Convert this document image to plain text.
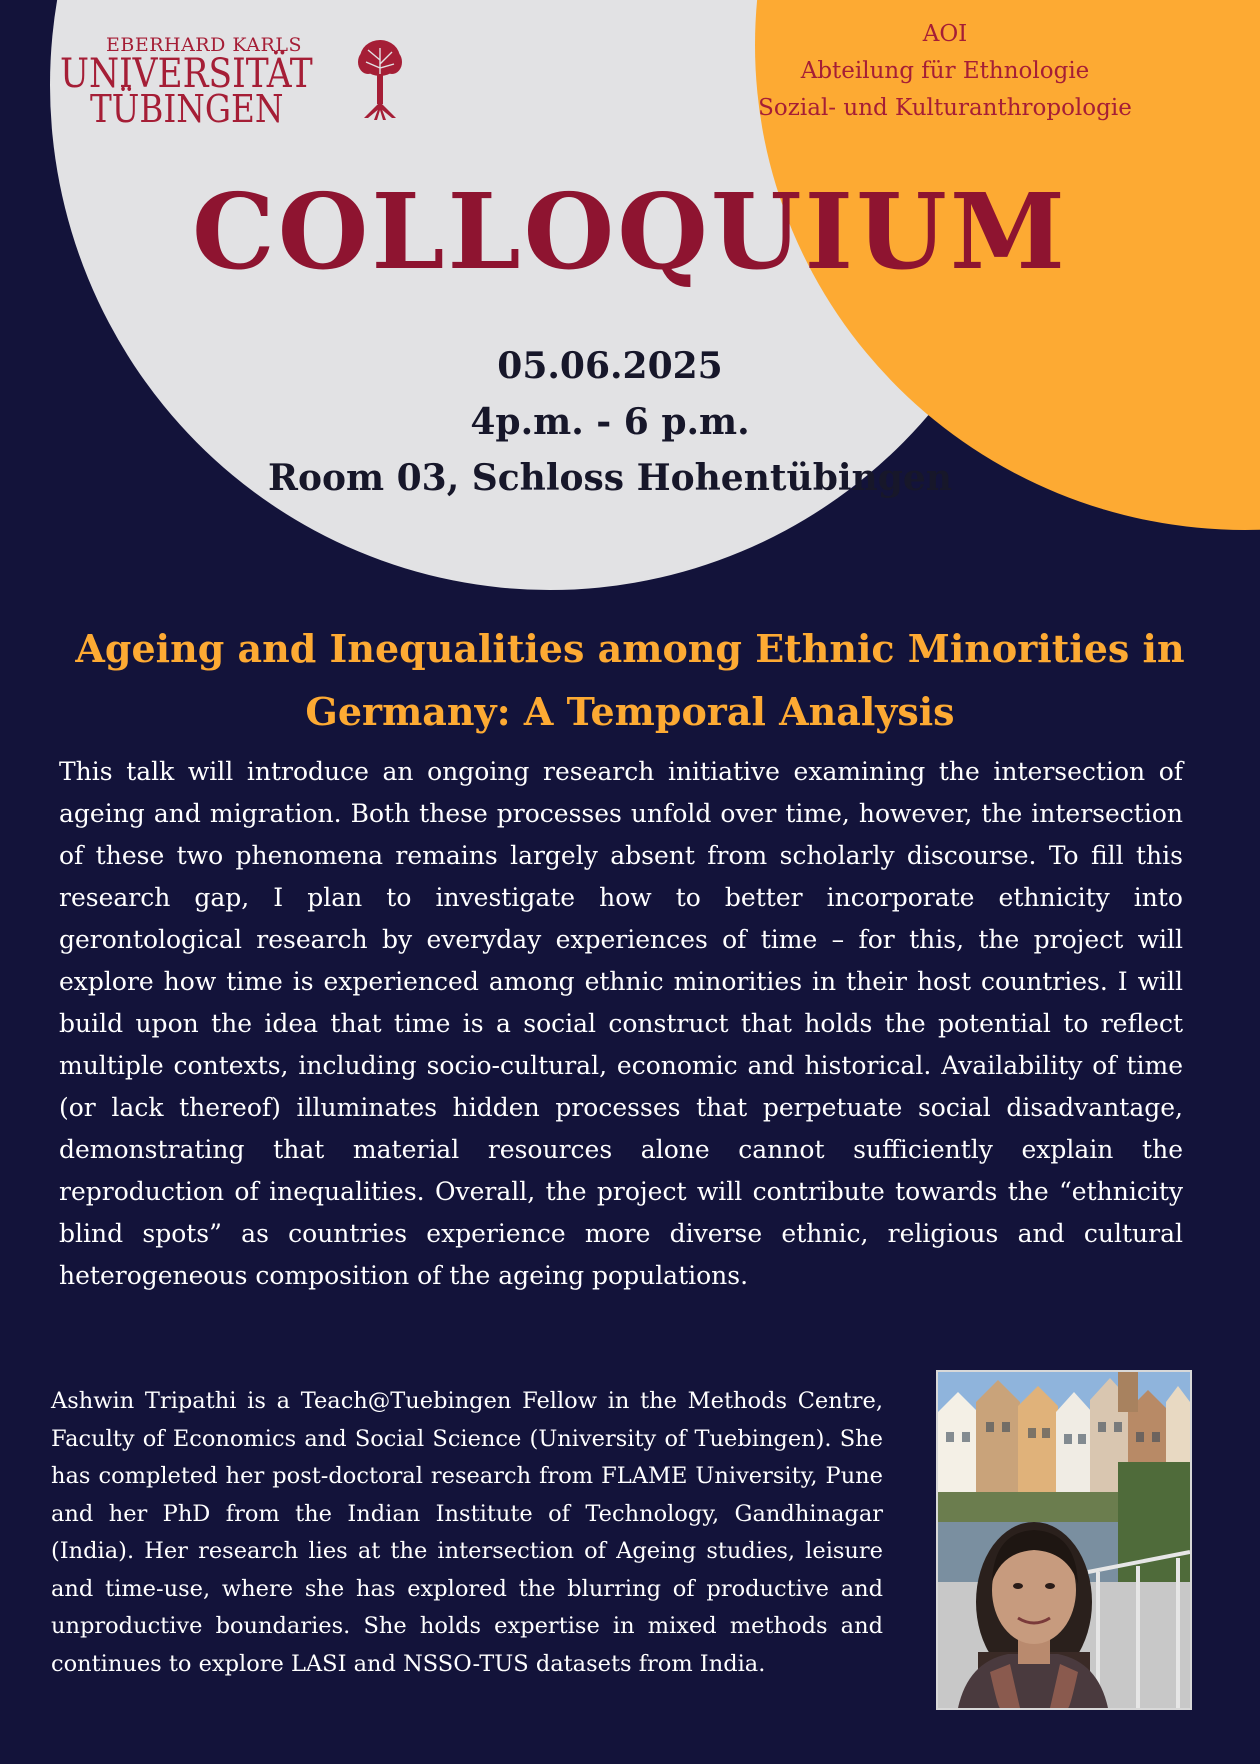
EBERHARD KARLS
UNIVERSITÄT
TÜBINGEN
AOI
Abteilung für Ethnologie
Sozial- und Kulturanthropologie
COLLOQUIUM
05.06.2025
4p.m. - 6 p.m.
Room 03, Schloss Hohentübingen
Ageing and Inequalities among Ethnic Minorities in
Germany: A Temporal Analysis
This talk will introduce an ongoing research initiative examining the intersection of ageing and migration. Both these processes unfold over time, however, the intersection of these two phenomena remains largely absent from scholarly discourse. To fill this research gap, I plan to investigate how to better incorporate ethnicity into gerontological research by everyday experiences of time – for this, the project will explore how time is experienced among ethnic minorities in their host countries. I will build upon the idea that time is a social construct that holds the potential to reflect multiple contexts, including socio-cultural, economic and historical. Availability of time (or lack thereof) illuminates hidden processes that perpetuate social disadvantage, demonstrating that material resources alone cannot sufficiently explain the reproduction of inequalities. Overall, the project will contribute towards the “ethnicity blind spots” as countries experience more diverse ethnic, religious and cultural heterogeneous composition of the ageing populations.
Ashwin Tripathi is a Teach@Tuebingen Fellow in the Methods Centre, Faculty of Economics and Social Science (University of Tuebingen). She has completed her post-doctoral research from FLAME University, Pune and her PhD from the Indian Institute of Technology, Gandhinagar (India). Her research lies at the intersection of Ageing studies, leisure and time-use, where she has explored the blurring of productive and unproductive boundaries. She holds expertise in mixed methods and continues to explore LASI and NSSO-TUS datasets from India.
